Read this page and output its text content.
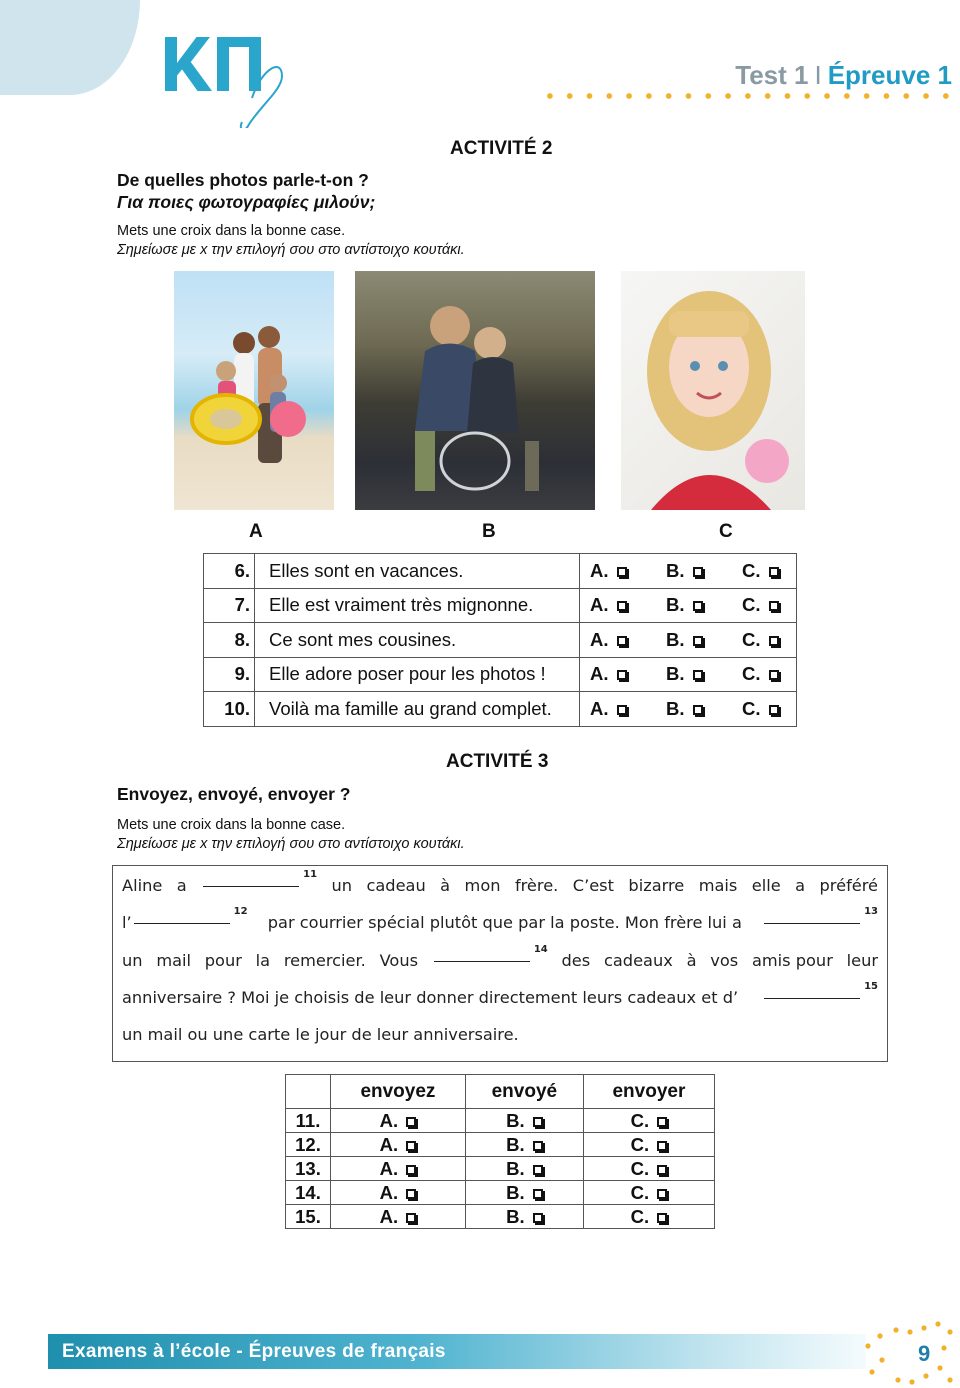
Test 1 I Épreuve 1
ACTIVITÉ 2
De quelles photos parle-t-on ?
Για ποιες φωτογραφίες μιλούν;
Mets une croix dans la bonne case.
Σημείωσε με x την επιλογή σου στο αντίστοιχο κουτάκι.
A	B	C
6.	Elles sont en vacances.	A. B. C.
7.	Elle est vraiment très mignonne.	A. B. C.
8.	Ce sont mes cousines.	A. B. C.
9.	Elle adore poser pour les photos !	A. B. C.
10.	Voilà ma famille au grand complet.	A. B. C.
ACTIVITÉ 3
Envoyez, envoyé, envoyer ?
Mets une croix dans la bonne case.
Σημείωσε με x την επιλογή σου στο αντίστοιχο κουτάκι.
Aline a
$^{11}$
un cadeau à mon frère. C’est bizarre mais elle a préféré
l’$^{12}$
par courrier spécial plutôt que par la poste. Mon frère lui a
$^{13}$
un mail pour la remercier. Vous
$^{14}$
des cadeaux à vos amis pour leur
anniversaire ? Moi je choisis de leur donner directement leurs cadeaux et d’
$^{15}$
un mail ou une carte le jour de leur anniversaire.
	envoyez	envoyé	envoyer
11.	A.	B.	C.
12.	A.	B.	C.
13.	A.	B.	C.
14.	A.	B.	C.
15.	A.	B.	C.
Examens à l’école - Épreuves de français	9
